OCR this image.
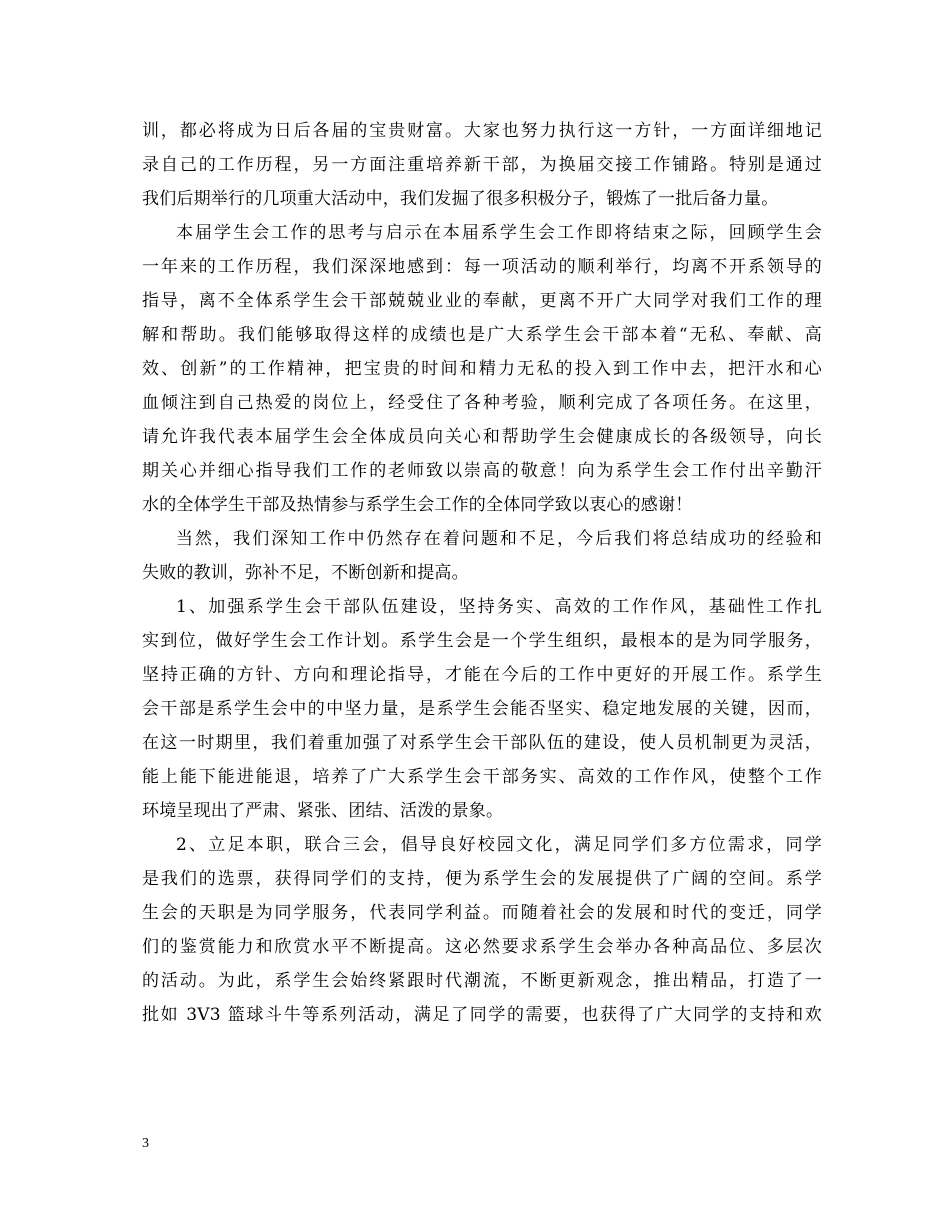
训，都必将成为日后各届的宝贵财富。大家也努力执行这一方针，一方面详细地记
录自己的工作历程，另一方面注重培养新干部，为换届交接工作铺路。特别是通过
我们后期举行的几项重大活动中，我们发掘了很多积极分子，锻炼了一批后备力量。
本届学生会工作的思考与启示在本届系学生会工作即将结束之际，回顾学生会
一年来的工作历程，我们深深地感到：每一项活动的顺利举行，均离不开系领导的
指导，离不全体系学生会干部兢兢业业的奉献，更离不开广大同学对我们工作的理
解和帮助。我们能够取得这样的成绩也是广大系学生会干部本着“无私、奉献、高
效、创新”的工作精神，把宝贵的时间和精力无私的投入到工作中去，把汗水和心
血倾注到自己热爱的岗位上，经受住了各种考验，顺利完成了各项任务。在这里，
请允许我代表本届学生会全体成员向关心和帮助学生会健康成长的各级领导，向长
期关心并细心指导我们工作的老师致以崇高的敬意！向为系学生会工作付出辛勤汗
水的全体学生干部及热情参与系学生会工作的全体同学致以衷心的感谢！
当然，我们深知工作中仍然存在着问题和不足，今后我们将总结成功的经验和
失败的教训，弥补不足，不断创新和提高。
1、加强系学生会干部队伍建设，坚持务实、高效的工作作风，基础性工作扎
实到位，做好学生会工作计划。系学生会是一个学生组织，最根本的是为同学服务，
坚持正确的方针、方向和理论指导，才能在今后的工作中更好的开展工作。系学生
会干部是系学生会中的中坚力量，是系学生会能否坚实、稳定地发展的关键，因而，
在这一时期里，我们着重加强了对系学生会干部队伍的建设，使人员机制更为灵活，
能上能下能进能退，培养了广大系学生会干部务实、高效的工作作风，使整个工作
环境呈现出了严肃、紧张、团结、活泼的景象。
2、立足本职，联合三会，倡导良好校园文化，满足同学们多方位需求，同学
是我们的选票，获得同学们的支持，便为系学生会的发展提供了广阔的空间。系学
生会的天职是为同学服务，代表同学利益。而随着社会的发展和时代的变迁，同学
们的鉴赏能力和欣赏水平不断提高。这必然要求系学生会举办各种高品位、多层次
的活动。为此，系学生会始终紧跟时代潮流，不断更新观念，推出精品，打造了一
批如 3V3 篮球斗牛等系列活动，满足了同学的需要，也获得了广大同学的支持和欢
3
